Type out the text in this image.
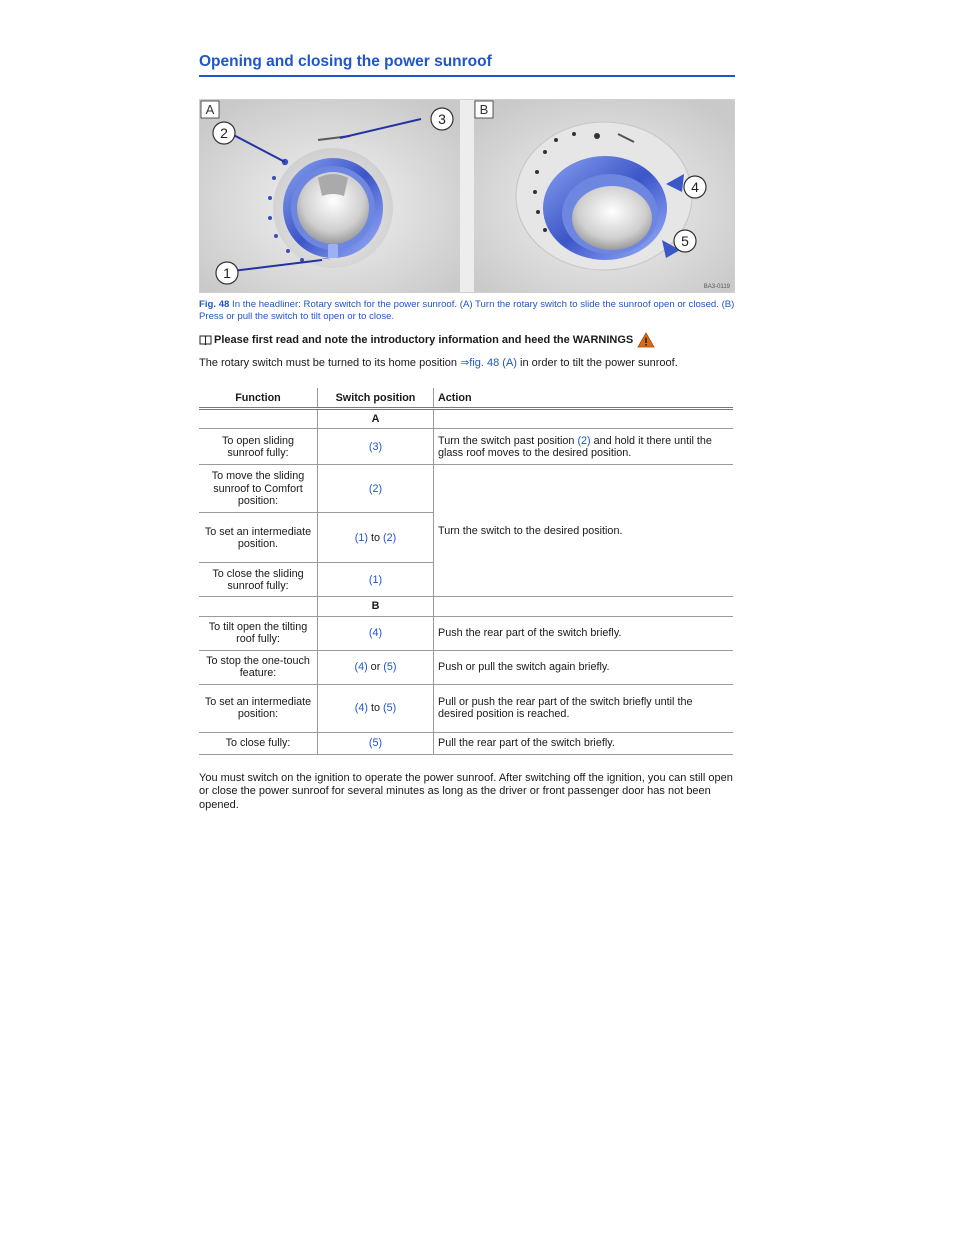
Opening and closing the power sunroof
⌒
A	B
2
3
1
4
5
BA3-0119
Fig. 48 In the headliner: Rotary switch for the power sunroof. (A) Turn the rotary switch to slide the sunroof open or closed. (B) Press or pull the switch to tilt open or to close.
Please first read and note the introductory information and heed the WARNINGS
The rotary switch must be turned to its home position ⇒fig. 48 (A) in order to tilt the power sunroof.
Function	Switch position	Action
	A	
To open sliding sunroof fully:	(3)	Turn the switch past position (2) and hold it there until the glass roof moves to the desired position.
To move the sliding sunroof to Comfort position:	(2)	Turn the switch to the desired position.
To set an intermediate position.	(1) to (2)	
To close the sliding sunroof fully:	(1)	
	B	
To tilt open the tilting roof fully:	(4)	Push the rear part of the switch briefly.
To stop the one-touch feature:	(4) or (5)	Push or pull the switch again briefly.
To set an intermediate position:	(4) to (5)	Pull or push the rear part of the switch briefly until the desired position is reached.
To close fully:	(5)	Pull the rear part of the switch briefly.
You must switch on the ignition to operate the power sunroof. After switching off the ignition, you can still open or close the power sunroof for several minutes as long as the driver or front passenger door has not been opened.
